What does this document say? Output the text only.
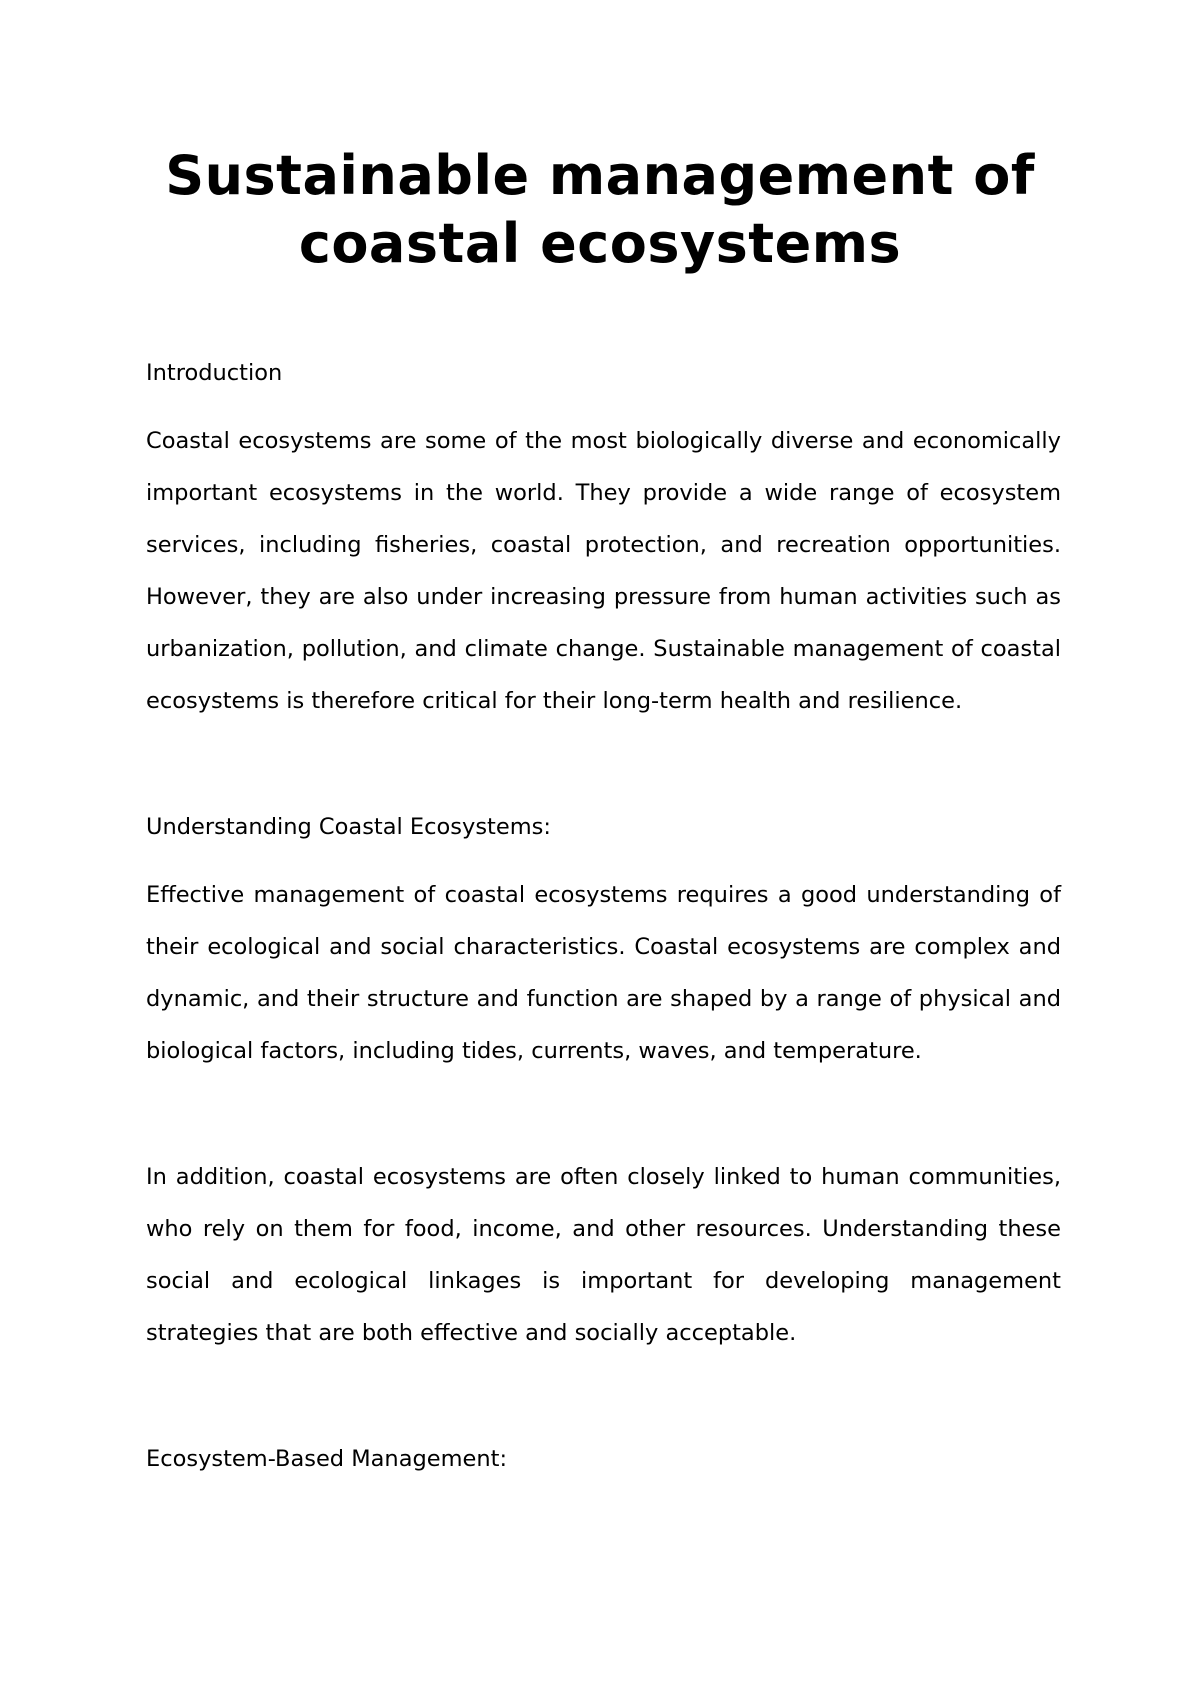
Sustainable management of coastal ecosystems

Introduction

Coastal ecosystems are some of the most biologically diverse and economically important ecosystems in the world. They provide a wide range of ecosystem services, including fisheries, coastal protection, and recreation opportunities. However, they are also under increasing pressure from human activities such as urbanization, pollution, and climate change. Sustainable management of coastal ecosystems is therefore critical for their long-term health and resilience.

Understanding Coastal Ecosystems:

Effective management of coastal ecosystems requires a good understanding of their ecological and social characteristics. Coastal ecosystems are complex and dynamic, and their structure and function are shaped by a range of physical and biological factors, including tides, currents, waves, and temperature.

In addition, coastal ecosystems are often closely linked to human communities, who rely on them for food, income, and other resources. Understanding these social and ecological linkages is important for developing management strategies that are both effective and socially acceptable.

Ecosystem-Based Management:
